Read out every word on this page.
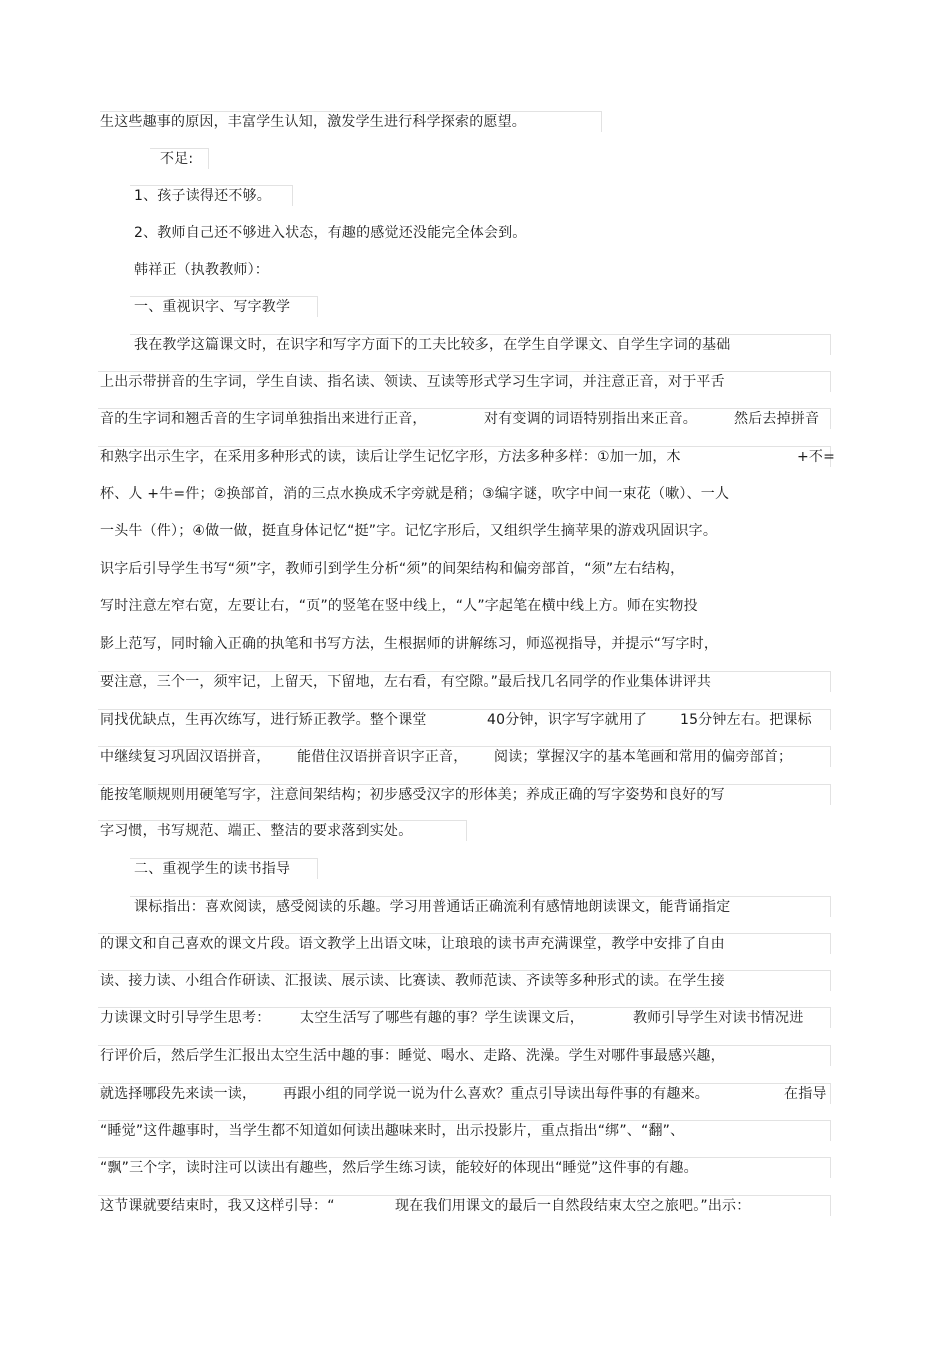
生这些趣事的原因，丰富学生认知，激发学生进行科学探索的愿望。
不足:
1、孩子读得还不够。
2、教师自己还不够进入状态，有趣的感觉还没能完全体会到。
韩祥正（执教教师）：
一、重视识字、写字教学
我在教学这篇课文时，在识字和写字方面下的工夫比较多，在学生自学课文、自学生字词的基础
上出示带拼音的生字词，学生自读、指名读、领读、互读等形式学习生字词，并注意正音，对于平舌
音的生字词和翘舌音的生字词单独指出来进行正音，	对有变调的词语特别指出来正音。	然后去掉拼音
和熟字出示生字，在采用多种形式的读，读后让学生记忆字形，方法多种多样：①加一加，木	+不=
杯、人 +牛=件；②换部首，消的三点水换成禾字旁就是稍；③编字谜，吹字中间一束花（嗽）、一人
一头牛（件）；④做一做，挺直身体记忆“挺”字。记忆字形后，又组织学生摘苹果的游戏巩固识字。
识字后引导学生书写“须”字，教师引到学生分析“须”的间架结构和偏旁部首，“须”左右结构，
写时注意左窄右宽，左要让右，“页”的竖笔在竖中线上，“人”字起笔在横中线上方。师在实物投
影上范写，同时输入正确的执笔和书写方法，生根据师的讲解练习，师巡视指导，并提示“写字时，
要注意，三个一，须牢记，上留天，下留地，左右看，有空隙。”最后找几名同学的作业集体讲评共
同找优缺点，生再次练写，进行矫正教学。整个课堂	40分钟，识字写字就用了 15分钟左右。把课标
中继续复习巩固汉语拼音， 能借住汉语拼音识字正音， 阅读；掌握汉字的基本笔画和常用的偏旁部首；
能按笔顺规则用硬笔写字，注意间架结构；初步感受汉字的形体美；养成正确的写字姿势和良好的写
字习惯，书写规范、端正、整洁的要求落到实处。
二、重视学生的读书指导
课标指出：喜欢阅读，感受阅读的乐趣。学习用普通话正确流利有感情地朗读课文，能背诵指定
的课文和自己喜欢的课文片段。语文教学上出语文味，让琅琅的读书声充满课堂，教学中安排了自由
读、接力读、小组合作研读、汇报读、展示读、比赛读、教师范读、齐读等多种形式的读。在学生接
力读课文时引导学生思考： 太空生活写了哪些有趣的事？学生读课文后，	教师引导学生对读书情况进
行评价后，然后学生汇报出太空生活中趣的事：睡觉、喝水、走路、洗澡。学生对哪件事最感兴趣，
就选择哪段先来读一读， 再跟小组的同学说一说为什么喜欢？重点引导读出每件事的有趣来。	在指导
“睡觉”这件趣事时，当学生都不知道如何读出趣味来时，出示投影片，重点指出“绑”、“翻”、
“飘”三个字，读时注可以读出有趣些，然后学生练习读，能较好的体现出“睡觉”这件事的有趣。
这节课就要结束时，我又这样引导：“	现在我们用课文的最后一自然段结束太空之旅吧。”出示：
